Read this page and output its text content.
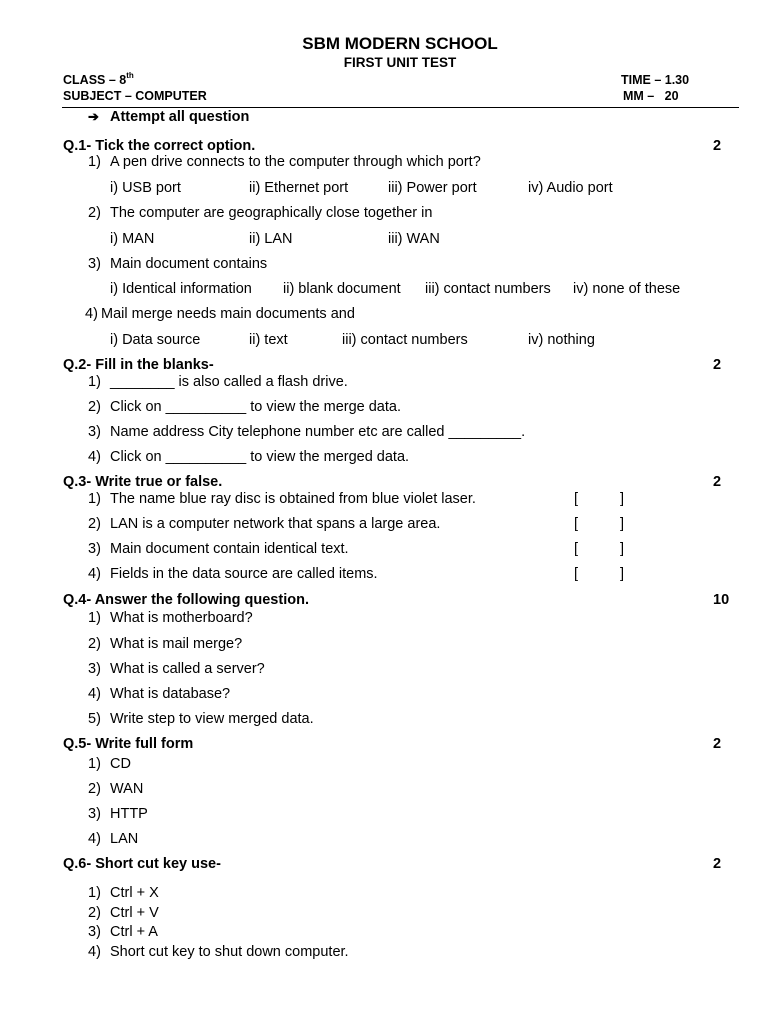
SBM MODERN SCHOOL
FIRST UNIT TEST
CLASS – 8th	TIME – 1.30
SUBJECT – COMPUTER	MM –   20
➔ Attempt all question
Q.1- Tick the correct option.	2
1) A pen drive connects to the computer through which port?
i) USB port	ii) Ethernet port	iii) Power port	iv) Audio port
2) The computer are geographically close together in
i) MAN	ii) LAN	iii) WAN
3) Main document contains
i) Identical information ii) blank document iii) contact numbers iv) none of these
4) Mail merge needs main documents and
i) Data source	ii) text	iii) contact numbers	iv) nothing
Q.2- Fill in the blanks-	2
1) ________ is also called a flash drive.
2) Click on __________ to view the merge data.
3) Name address City telephone number etc are called _________.
4) Click on __________ to view the merged data.
Q.3- Write true or false.	2
1) The name blue ray disc is obtained from blue violet laser.	[	]
2) LAN is a computer network that spans a large area.	[	]
3) Main document contain identical text.	[	]
4) Fields in the data source are called items.	[	]
Q.4- Answer the following question.	10
1) What is motherboard?
2) What is mail merge?
3) What is called a server?
4) What is database?
5) Write step to view merged data.
Q.5- Write full form	2
1) CD
2) WAN
3) HTTP
4) LAN
Q.6- Short cut key use-	2
1) Ctrl + X
2) Ctrl + V
3) Ctrl + A
4) Short cut key to shut down computer.
